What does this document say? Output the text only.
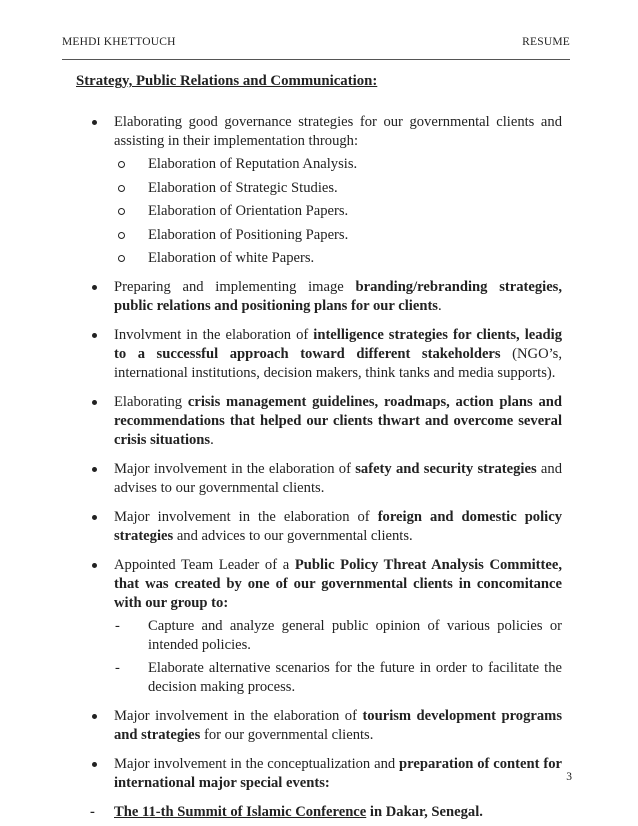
MEHDI KHETTOUCH	RESUME
Strategy, Public Relations and Communication:
Elaborating good governance strategies for our governmental clients and assisting in their implementation through:
Elaboration of Reputation Analysis.
Elaboration of Strategic Studies.
Elaboration of Orientation Papers.
Elaboration of Positioning Papers.
Elaboration of white Papers.
Preparing and implementing image branding/rebranding strategies, public relations and positioning plans for our clients.
Involvment in the elaboration of intelligence strategies for clients, leadig to a successful approach toward different stakeholders (NGO’s, international institutions, decision makers, think tanks and media supports).
Elaborating crisis management guidelines, roadmaps, action plans and recommendations that helped our clients thwart and overcome several crisis situations.
Major involvement in the elaboration of safety and security strategies and advises to our governmental clients.
Major involvement in the elaboration of foreign and domestic policy strategies and advices to our governmental clients.
Appointed Team Leader of a Public Policy Threat Analysis Committee, that was created by one of our governmental clients in concomitance with our group to:
- Capture and analyze general public opinion of various policies or intended policies.
- Elaborate alternative scenarios for the future in order to facilitate the decision making process.
Major involvement in the elaboration of tourism development programs and strategies for our governmental clients.
Major involvement in the conceptualization and preparation of content for international major special events:
- The 11-th Summit of Islamic Conference in Dakar, Senegal.
3
